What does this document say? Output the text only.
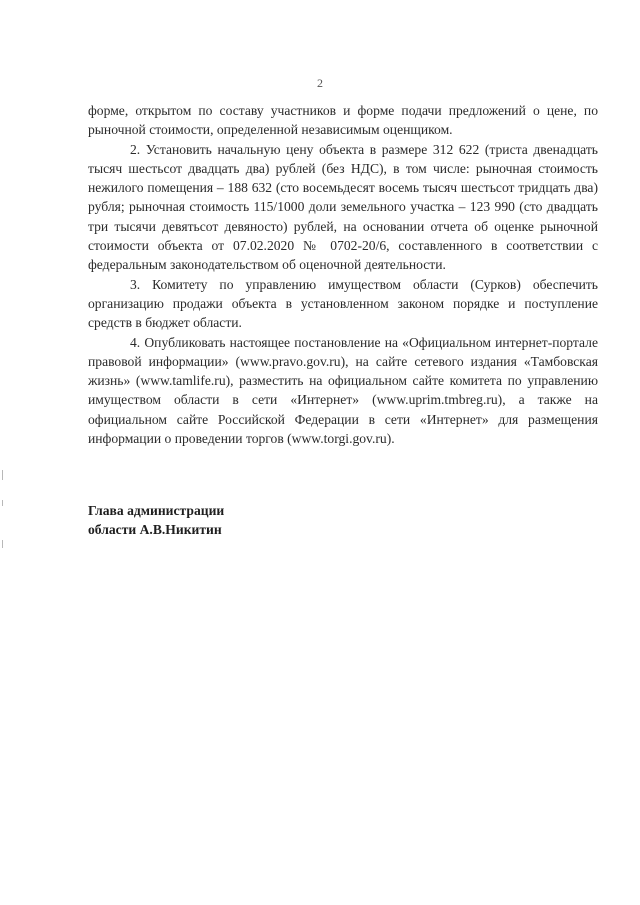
2

форме, открытом по составу участников и форме подачи предложений о цене, по рыночной стоимости, определенной независимым оценщиком.

2. Установить начальную цену объекта в размере 312 622 (триста двенадцать тысяч шестьсот двадцать два) рублей (без НДС), в том числе: рыночная стоимость нежилого помещения – 188 632 (сто восемьдесят восемь тысяч шестьсот тридцать два) рубля; рыночная стоимость 115/1000 доли земельного участка – 123 990 (сто двадцать три тысячи девятьсот девяносто) рублей, на основании отчета об оценке рыночной стоимости объекта от 07.02.2020 № 0702-20/6, составленного в соответствии с федеральным законодательством об оценочной деятельности.

3. Комитету по управлению имуществом области (Сурков) обеспечить организацию продажи объекта в установленном законом порядке и поступление средств в бюджет области.

4. Опубликовать настоящее постановление на «Официальном интернет-портале правовой информации» (www.pravo.gov.ru), на сайте сетевого издания «Тамбовская жизнь» (www.tamlife.ru), разместить на официальном сайте комитета по управлению имуществом области в сети «Интернет» (www.uprim.tmbreg.ru), а также на официальном сайте Российской Федерации в сети «Интернет» для размещения информации о проведении торгов (www.torgi.gov.ru).

Глава администрации
области А.В.Никитин
